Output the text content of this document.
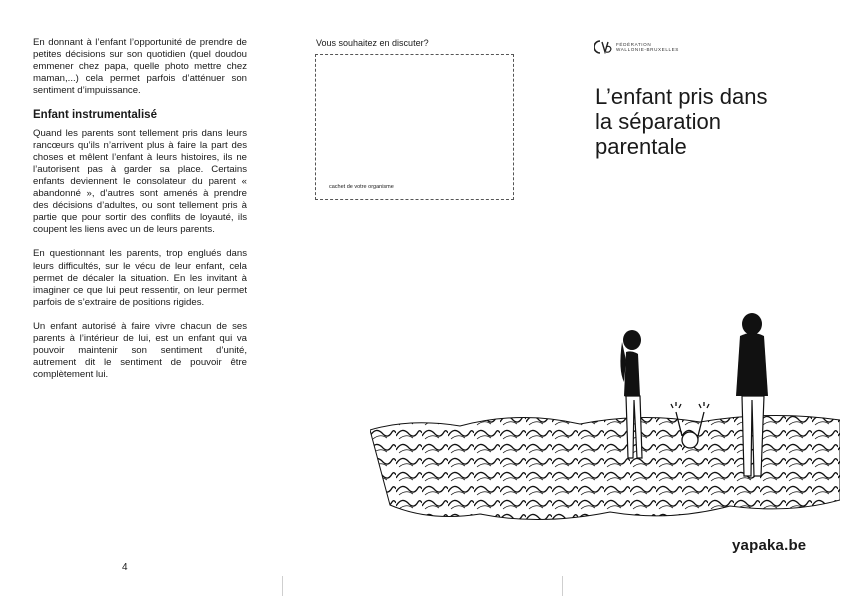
En donnant à l’enfant l’opportunité de prendre de petites décisions sur son quotidien (quel doudou emmener chez papa, quelle photo mettre chez maman,...) cela permet parfois d’atténuer son sentiment d’impuissance.

Enfant instrumentalisé

Quand les parents sont tellement pris dans leurs rancœurs qu’ils n’arrivent plus à faire la part des choses et mêlent l’enfant à leurs histoires, ils ne l’autorisent pas à garder sa place. Certains enfants deviennent le consolateur du parent « abandonné », d’autres sont amenés à prendre des décisions d’adultes, ou sont tellement pris à partie que pour sortir des conflits de loyauté, ils coupent les liens avec un de leurs parents.

En questionnant les parents, trop englués dans leurs difficultés, sur le vécu de leur enfant, cela permet de décaler la situation. En les invitant à imaginer ce que lui peut ressentir, on leur permet parfois de s’extraire de positions rigides.

Un enfant autorisé à faire vivre chacun de ses parents à l’intérieur de lui, est un enfant qui va pouvoir maintenir son sentiment d’unité, autrement dit le sentiment de pouvoir être complètement lui.

4
Vous souhaitez en discuter?
cachet de votre organisme
FÉDÉRATION
WALLONIE-BRUXELLES
L’enfant pris dans
la séparation
parentale
yapaka.be
